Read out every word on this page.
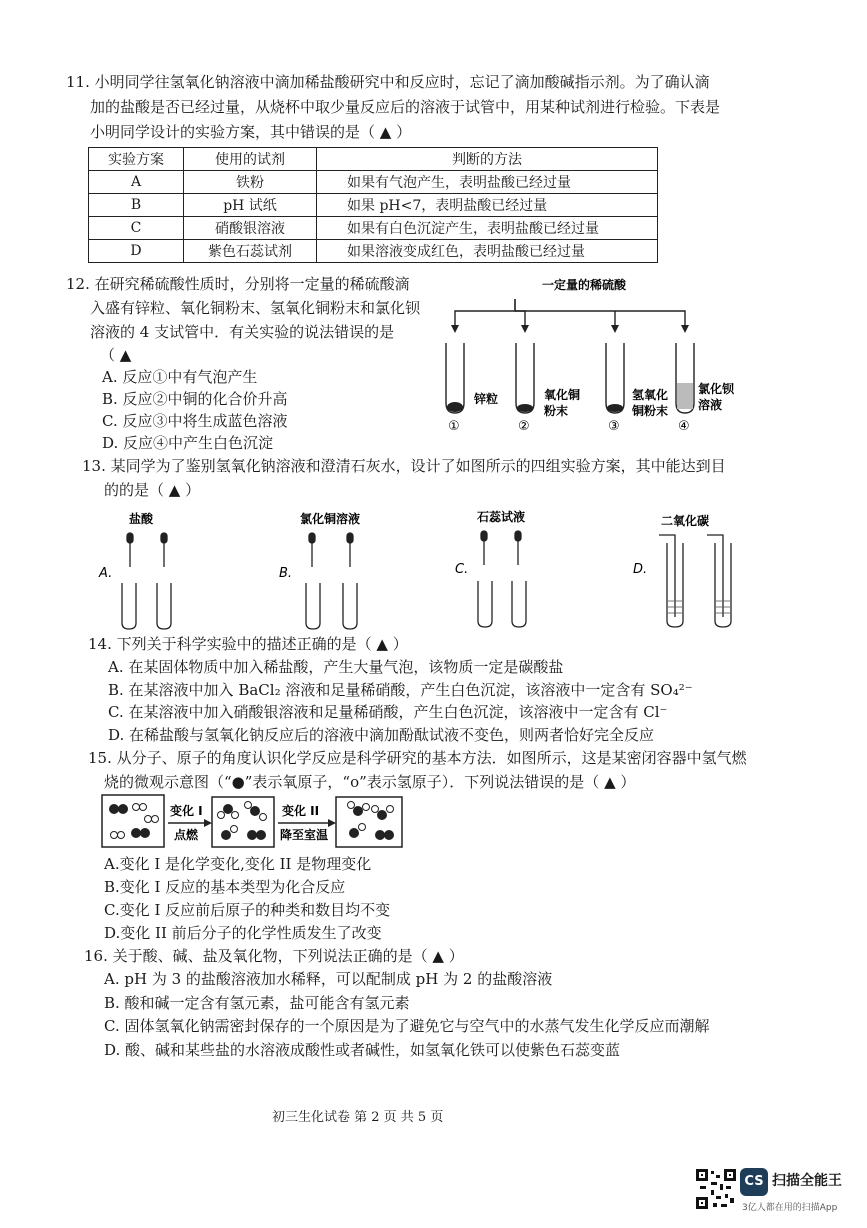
11. 小明同学往氢氧化钠溶液中滴加稀盐酸研究中和反应时，忘记了滴加酸碱指示剂。为了确认滴
加的盐酸是否已经过量，从烧杯中取少量反应后的溶液于试管中，用某种试剂进行检验。下表是
小明同学设计的实验方案，其中错误的是（ ▲ ）
实验方案	使用的试剂	判断的方法
A	铁粉	如果有气泡产生，表明盐酸已经过量
B	pH 试纸	如果 pH<7，表明盐酸已经过量
C	硝酸银溶液	如果有白色沉淀产生，表明盐酸已经过量
D	紫色石蕊试剂	如果溶液变成红色，表明盐酸已经过量
12. 在研究稀硫酸性质时，分别将一定量的稀硫酸滴
入盛有锌粒、氧化铜粉末、氢氧化铜粉末和氯化钡
溶液的 4 支试管中．有关实验的说法错误的是
（ ▲
A. 反应①中有气泡产生
B. 反应②中铜的化合价升高
C. 反应③中将生成蓝色溶液
D. 反应④中产生白色沉淀
一定量的稀硫酸
锌粒	氧化铜
粉末
氢氧化
铜粉末
氯化钡
溶液
①	②	③	④
13. 某同学为了鉴别氢氧化钠溶液和澄清石灰水，设计了如图所示的四组实验方案，其中能达到目
的的是（ ▲ ）
盐酸	氯化铜溶液	石蕊试液	二氧化碳
A.	B.	C.	D.
14. 下列关于科学实验中的描述正确的是（ ▲ ）
A. 在某固体物质中加入稀盐酸，产生大量气泡，该物质一定是碳酸盐
B. 在某溶液中加入 BaCl₂ 溶液和足量稀硝酸，产生白色沉淀，该溶液中一定含有 SO₄²⁻
C. 在某溶液中加入硝酸银溶液和足量稀硝酸，产生白色沉淀，该溶液中一定含有 Cl⁻
D. 在稀盐酸与氢氧化钠反应后的溶液中滴加酚酞试液不变色，则两者恰好完全反应
15. 从分子、原子的角度认识化学反应是科学研究的基本方法．如图所示，这是某密闭容器中氢气燃
烧的微观示意图（“●”表示氧原子，“o”表示氢原子）．下列说法错误的是（ ▲ ）
变化 I
点燃
变化 II
降至室温
A.变化 I 是化学变化,变化 II 是物理变化
B.变化 I 反应的基本类型为化合反应
C.变化 I 反应前后原子的种类和数目均不变
D.变化 II 前后分子的化学性质发生了改变
16. 关于酸、碱、盐及氧化物，下列说法正确的是（ ▲ ）
A. pH 为 3 的盐酸溶液加水稀释，可以配制成 pH 为 2 的盐酸溶液
B. 酸和碱一定含有氢元素，盐可能含有氢元素
C. 固体氢氧化钠需密封保存的一个原因是为了避免它与空气中的水蒸气发生化学反应而潮解
D. 酸、碱和某些盐的水溶液成酸性或者碱性，如氢氧化铁可以使紫色石蕊变蓝
初三生化试卷 第 2 页 共 5 页
CS 扫描全能王
3亿人都在用的扫描App
